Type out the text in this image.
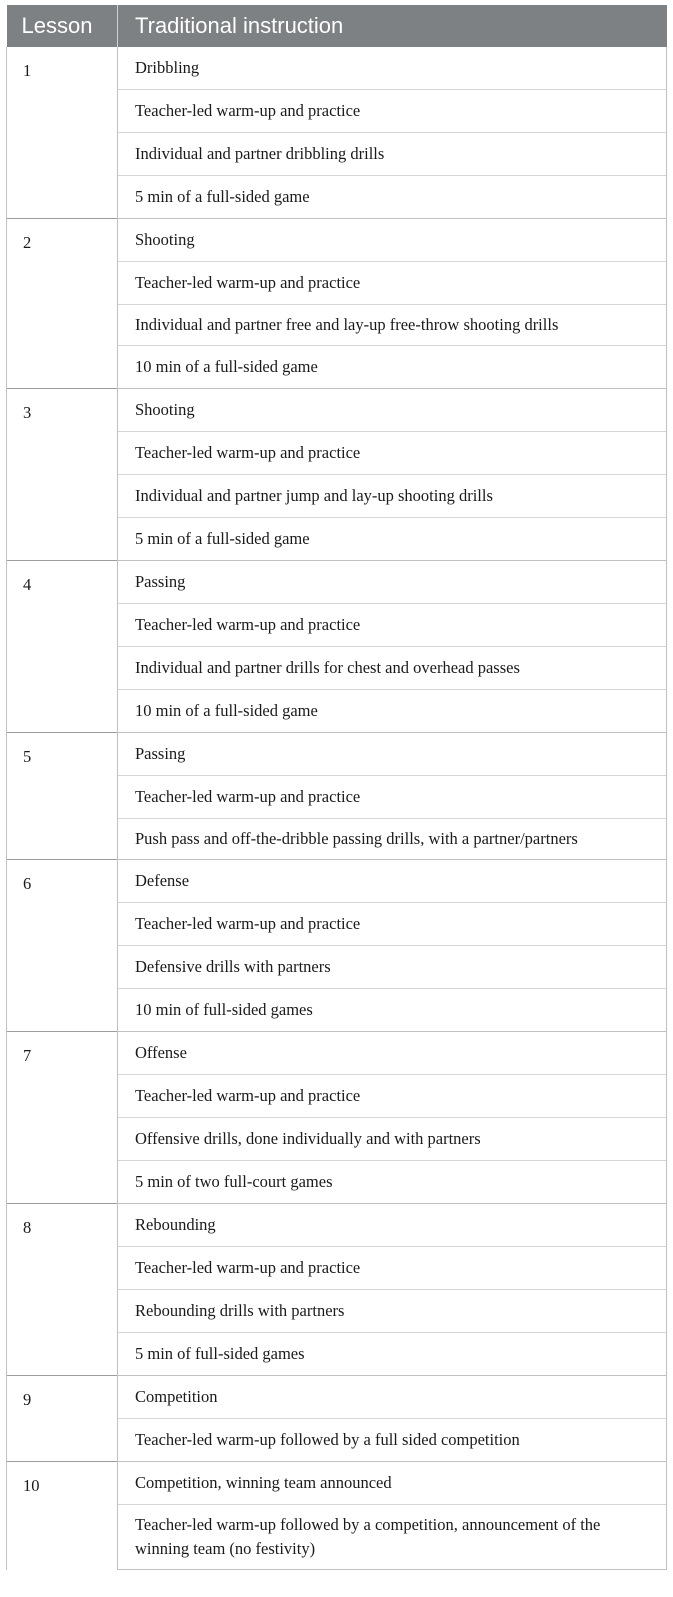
Lesson	Traditional instruction
1	Dribbling
	Teacher-led warm-up and practice
	Individual and partner dribbling drills
	5 min of a full-sided game
2	Shooting
	Teacher-led warm-up and practice
	Individual and partner free and lay-up free-throw shooting drills
	10 min of a full-sided game
3	Shooting
	Teacher-led warm-up and practice
	Individual and partner jump and lay-up shooting drills
	5 min of a full-sided game
4	Passing
	Teacher-led warm-up and practice
	Individual and partner drills for chest and overhead passes
	10 min of a full-sided game
5	Passing
	Teacher-led warm-up and practice
	Push pass and off-the-dribble passing drills, with a partner/partners
6	Defense
	Teacher-led warm-up and practice
	Defensive drills with partners
	10 min of full-sided games
7	Offense
	Teacher-led warm-up and practice
	Offensive drills, done individually and with partners
	5 min of two full-court games
8	Rebounding
	Teacher-led warm-up and practice
	Rebounding drills with partners
	5 min of full-sided games
9	Competition
	Teacher-led warm-up followed by a full sided competition
10	Competition, winning team announced
	Teacher-led warm-up followed by a competition, announcement of the winning team (no festivity)
